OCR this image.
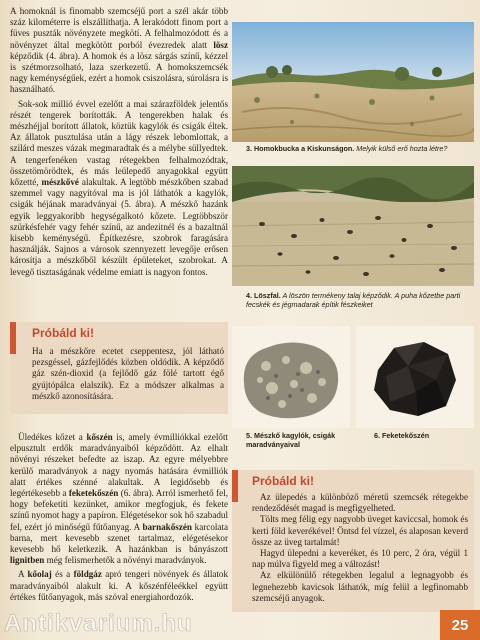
A homoknál is finomabb szemcséjű port a szél akár több száz kilométerre is elszállíthatja. A lerakódott finom port a füves puszták növényzete megkötí. A felhalmozódott és a növényzet által megkötött porból évezredek alatt lösz képződik (4. ábra). A homok és a lösz sárgás színű, kézzel is szétmorzsolható, laza szerkezetű. A homokszemcsék nagy keménységűek, ezért a homok csiszolásra, súrolásra is használható.

Sok-sok millió évvel ezelőtt a mai szárazföldek jelentős részét tengerek borították. A tengerekben halak és mészhéjjal borított állatok, köztük kagylók és csigák éltek. Az állatok pusztulása után a lágy részek lebomlottak, a szilárd meszes vázak megmaradtak és a mélybe süllyedtek. A tengerfenéken vastag rétegekben felhalmozódtak, összetömörödtek, és más leülepedő anyagokkal együtt kőzetté, mészkővé alakultak. A legtöbb mészkőben szabad szemmel vagy nagyítóval ma is jól láthatók a kagylók, csigák héjának maradványai (5. ábra). A mészkő hazánk egyik leggyakoribb hegységalkotó kőzete. Legtöbbször szürkésfehér vagy fehér színű, az andezitnél és a bazaltnál kisebb keménységű. Építkezésre, szobrok faragására használják. Sajnos a városok szennyezett levegője erősen károsítja a mészkőből készült épületeket, szobrokat. A levegő tisztaságának védelme emiatt is nagyon fontos.

Próbáld ki!

Ha a mészkőre ecetet cseppentesz, jól látható pezsgéssel, gázfejlődés közben oldódik. A képződő gáz szén-dioxid (a fejlődő gáz fölé tartott égő gyújtópálca elalszik). Ez a módszer alkalmas a mészkő azonosítására.

Üledékes kőzet a kőszén is, amely évmilliókkal ezelőtt elpusztult erdők maradványaiból képződött. Az elhalt növényi részeket befedte az iszap. Az egyre mélyebbre kerülő maradványok a nagy nyomás hatására évmilliók alatt értékes szénné alakultak. A legidősebb és legértékesebb a feketekőszén (6. ábra). Arról ismerhető fel, hogy befeketíti kezünket, amikor megfogjuk, és fekete színű nyomot hagy a papíron. Elégetésekor sok hő szabadul fel, ezért jó minőségű fűtőanyag. A barnakőszén karcolata barna, mert kevesebb szenet tartalmaz, elégetésekor kevesebb hő keletkezik. A hazánkban is bányászott lignitben még felismerhetők a növényi maradványok.

A kőolaj és a földgáz apró tengeri növények és állatok maradványaiból alakult ki. A kőszénféleékkel együtt értékes fűtőanyagok, más szóval energiahordozók.

3. Homokbucka a Kiskunságon. Melyik külső erő hozta létre?
4. Löszfal. A löszön termékeny talaj képződik. A puha kőzetbe parti fecskék és jégmadarak építik fészkeiket
5. Mészkő kagylók, csigák maradványaival
6. Feketekőszén
Próbáld ki!

Az ülepedés a különböző méretű szemcsék rétegekbe rendeződését magad is megfigyelheted.

Tölts meg félig egy nagyobb üveget kaviccsal, homok és kerti föld keverékével! Öntsd fel vízzel, és alaposan keverd össze az üveg tartalmát!

Hagyd ülepedni a keveréket, és 10 perc, 2 óra, végül 1 nap múlva figyeld meg a változást!

Az elkülönülő rétegekben legalul a legnagyobb és legnehezebb kavicsok láthatók, míg felül a legfinomabb szemcséjű anyagok.

25
Antikvarium.hu
